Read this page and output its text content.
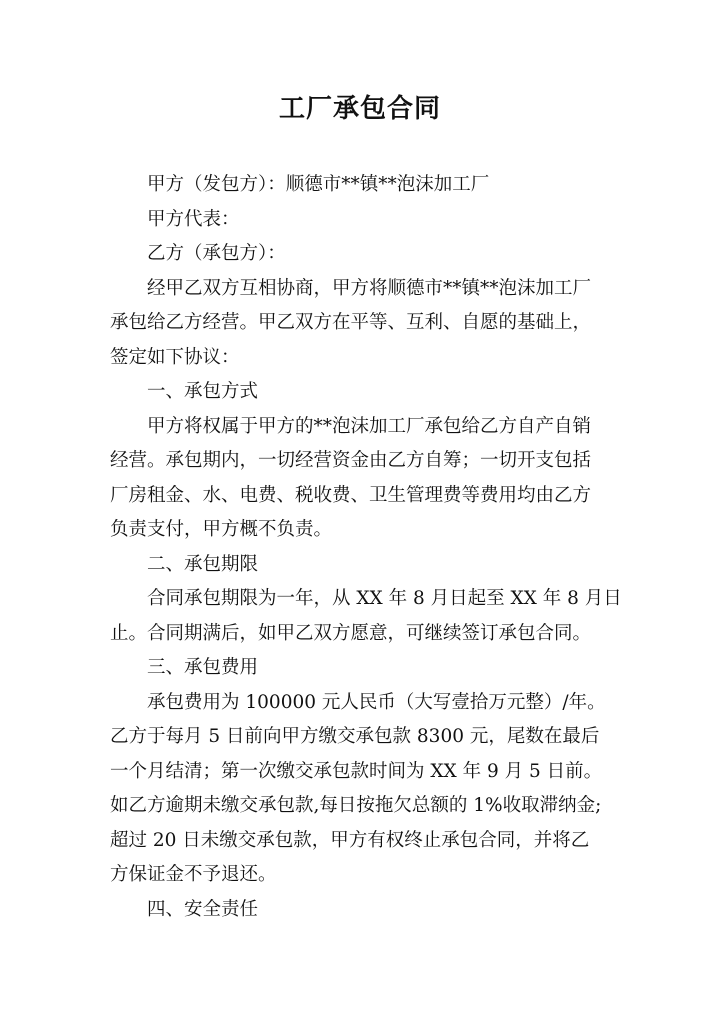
工厂承包合同
甲方（发包方）：顺德市**镇**泡沫加工厂
甲方代表：
乙方（承包方）：
经甲乙双方互相协商，甲方将顺德市**镇**泡沫加工厂
承包给乙方经营。甲乙双方在平等、互利、自愿的基础上，
签定如下协议：
一、承包方式
甲方将权属于甲方的**泡沫加工厂承包给乙方自产自销
经营。承包期内，一切经营资金由乙方自筹；一切开支包括
厂房租金、水、电费、税收费、卫生管理费等费用均由乙方
负责支付，甲方概不负责。
二、承包期限
合同承包期限为一年，从 XX 年 8 月日起至 XX 年 8 月日
止。合同期满后，如甲乙双方愿意，可继续签订承包合同。
三、承包费用
承包费用为 100000 元人民币（大写壹拾万元整）/年。
乙方于每月 5 日前向甲方缴交承包款 8300 元，尾数在最后
一个月结清；第一次缴交承包款时间为 XX 年 9 月 5 日前。
如乙方逾期未缴交承包款,每日按拖欠总额的 1%收取滞纳金;
超过 20 日未缴交承包款，甲方有权终止承包合同，并将乙
方保证金不予退还。
四、安全责任
